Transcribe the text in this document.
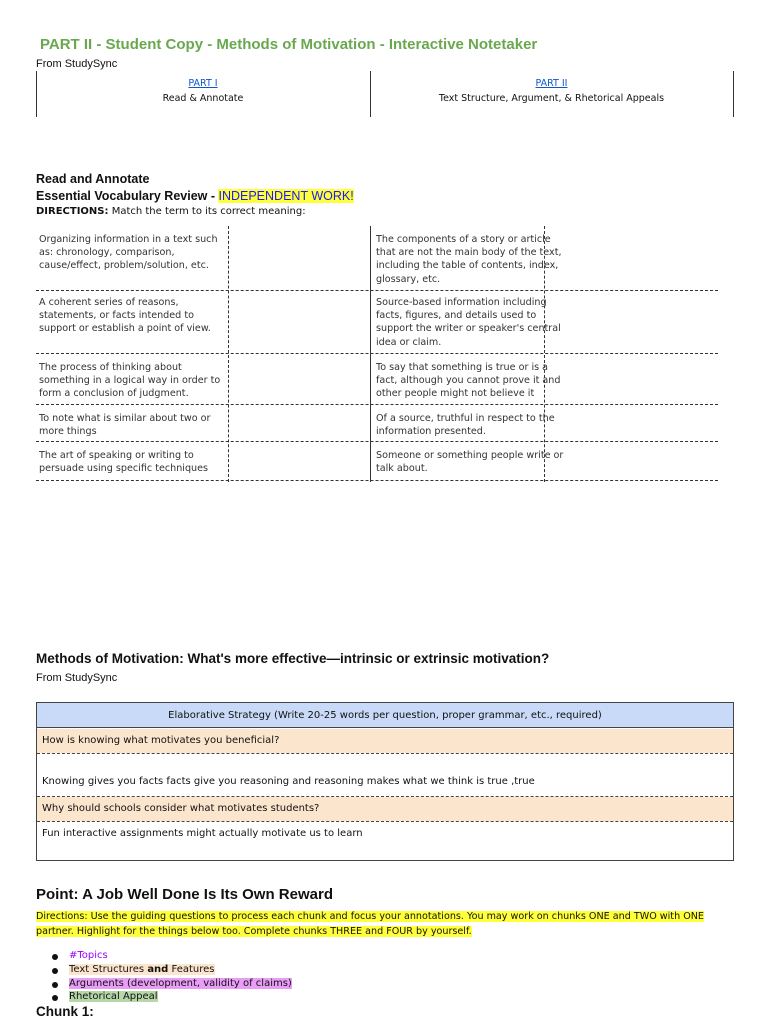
PART II - Student Copy - Methods of Motivation - Interactive Notetaker
From StudySync
PART I
Read & Annotate
PART II
Text Structure, Argument, & Rhetorical Appeals
Read and Annotate
Essential Vocabulary Review - INDEPENDENT WORK!
DIRECTIONS: Match the term to its correct meaning:
Organizing information in a text such as: chronology, comparison, cause/effect, problem/solution, etc.
The components of a story or article that are not the main body of the text, including the table of contents, index, glossary, etc.
A coherent series of reasons, statements, or facts intended to support or establish a point of view.
Source-based information including facts, figures, and details used to support the writer or speaker's central idea or claim.
The process of thinking about something in a logical way in order to form a conclusion of judgment.
To say that something is true or is a fact, although you cannot prove it and other people might not believe it
To note what is similar about two or more things
Of a source, truthful in respect to the information presented.
The art of speaking or writing to persuade using specific techniques
Someone or something people write or talk about.
Methods of Motivation: What's more effective—intrinsic or extrinsic motivation?
From StudySync
Elaborative Strategy (Write 20-25 words per question, proper grammar, etc., required)
How is knowing what motivates you beneficial?
Knowing gives you facts facts give you reasoning and reasoning makes what we think is true ,true
Why should schools consider what motivates students?
Fun interactive assignments might actually motivate us to learn
Point: A Job Well Done Is Its Own Reward
Directions: Use the guiding questions to process each chunk and focus your annotations. You may work on chunks ONE and TWO with ONE partner. Highlight for the things below too. Complete chunks THREE and FOUR by yourself.
#Topics
Text Structures and Features
Arguments (development, validity of claims)
Rhetorical Appeal
Chunk 1:
